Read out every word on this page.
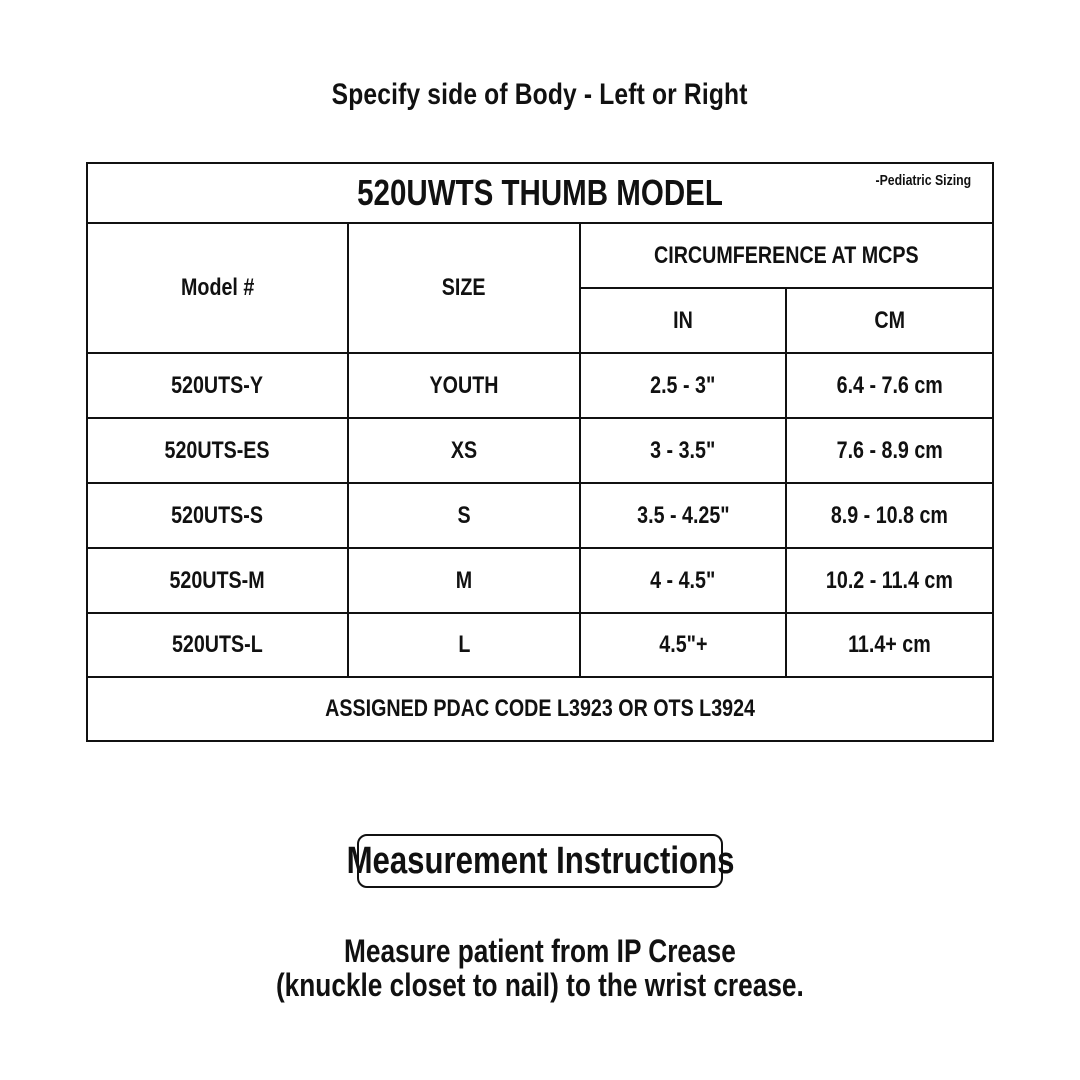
Specify side of Body - Left or Right
520UWTS THUMB MODEL	-Pediatric Sizing
Model #	SIZE
CIRCUMFERENCE AT MCPS
IN	CM
520UTS-Y	YOUTH	2.5 - 3"	6.4 - 7.6 cm
520UTS-ES	XS	3 - 3.5"	7.6 - 8.9 cm
520UTS-S	S	3.5 - 4.25"	8.9 - 10.8 cm
520UTS-M	M	4 - 4.5"	10.2 - 11.4 cm
520UTS-L	L	4.5"+	11.4+ cm
ASSIGNED PDAC CODE L3923 OR OTS L3924
Measurement Instructions
Measure patient from IP Crease
(knuckle closet to nail) to the wrist crease.
